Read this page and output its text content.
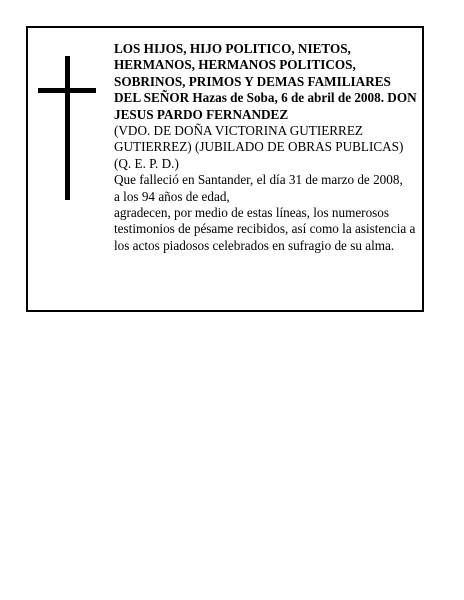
LOS HIJOS, HIJO POLITICO, NIETOS, HERMANOS, HERMANOS POLITICOS, SOBRINOS, PRIMOS Y DEMAS FAMILIARES DEL SEÑOR Hazas de Soba, 6 de abril de 2008. DON JESUS PARDO FERNANDEZ

(VDO. DE DOÑA VICTORINA GUTIERREZ GUTIERREZ) (JUBILADO DE OBRAS PUBLICAS)

(Q. E. P. D.)

Que falleció en Santander, el día 31 de marzo de 2008,

a los 94 años de edad,

agradecen, por medio de estas líneas, los numerosos testimonios de pésame recibidos, así como la asistencia a los actos piadosos celebrados en sufragio de su alma.
